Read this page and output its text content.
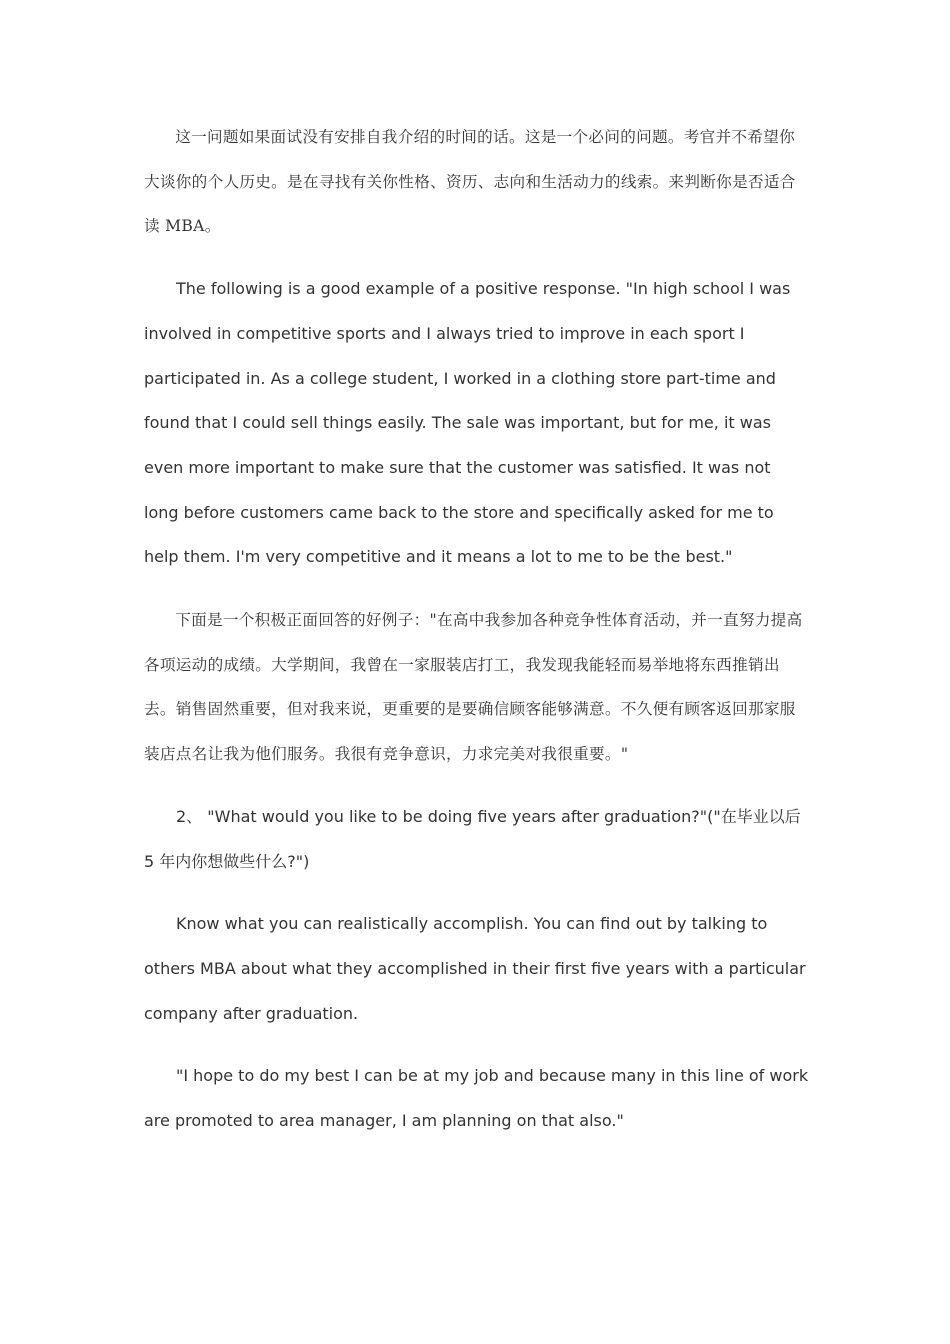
这一问题如果面试没有安排自我介绍的时间的话。这是一个必问的问题。考官并不希望你大谈你的个人历史。是在寻找有关你性格、资历、志向和生活动力的线索。来判断你是否适合读 MBA。

The following is a good example of a positive response. "In high school I was involved in competitive sports and I always tried to improve in each sport I participated in. As a college student, I worked in a clothing store part-time and found that I could sell things easily. The sale was important, but for me, it was even more important to make sure that the customer was satisfied. It was not long before customers came back to the store and specifically asked for me to help them. I'm very competitive and it means a lot to me to be the best."

下面是一个积极正面回答的好例子："在高中我参加各种竞争性体育活动，并一直努力提高各项运动的成绩。大学期间，我曾在一家服装店打工，我发现我能轻而易举地将东西推销出去。销售固然重要，但对我来说，更重要的是要确信顾客能够满意。不久便有顾客返回那家服装店点名让我为他们服务。我很有竞争意识，力求完美对我很重要。"

2、 "What would you like to be doing five years after graduation?"("在毕业以后 5 年内你想做些什么?")

Know what you can realistically accomplish. You can find out by talking to others MBA about what they accomplished in their first five years with a particular company after graduation.

"I hope to do my best I can be at my job and because many in this line of work are promoted to area manager, I am planning on that also."
